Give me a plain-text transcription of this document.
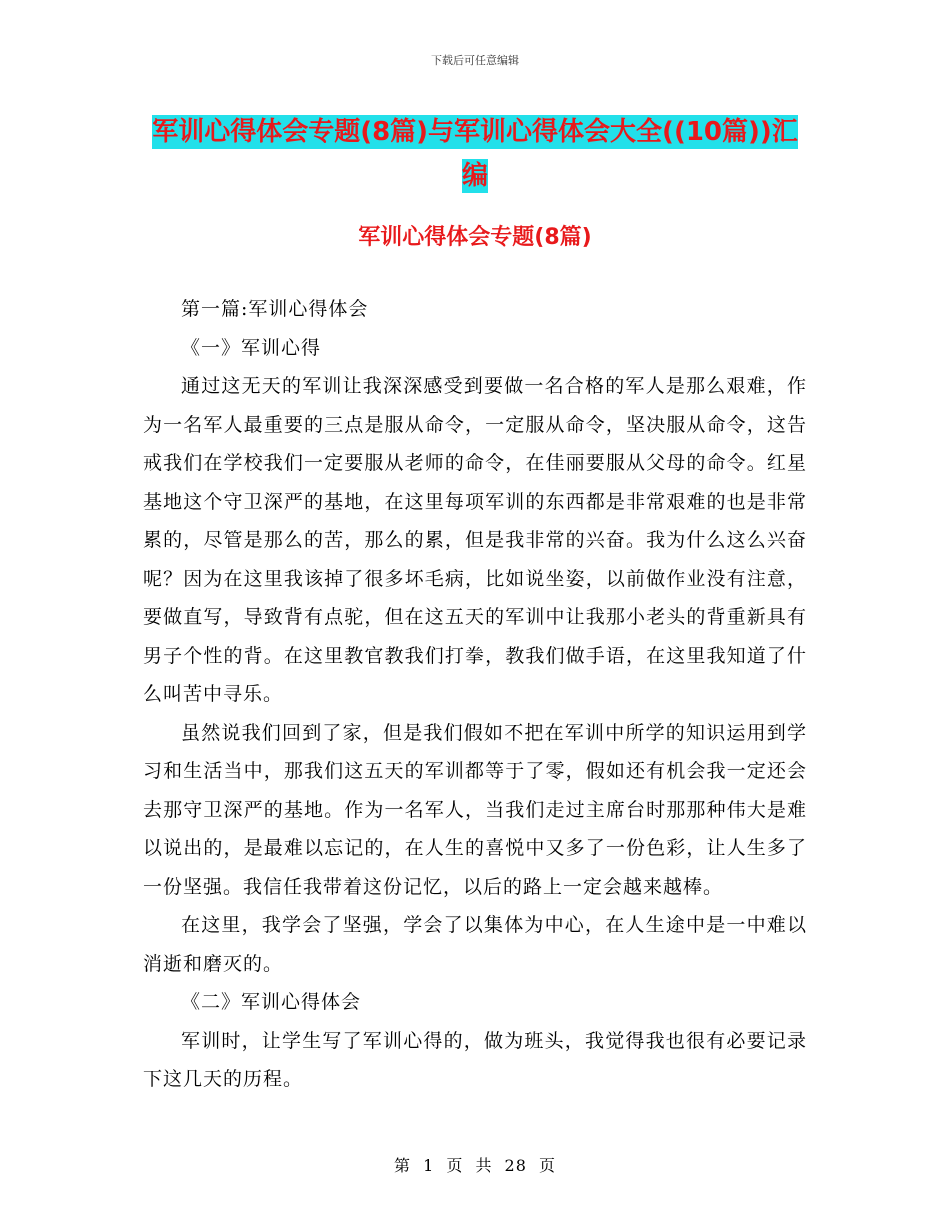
下载后可任意编辑
军训心得体会专题(8篇)与军训心得体会大全((10篇))汇编
军训心得体会专题(8篇)

第一篇:军训心得体会

《一》军训心得

通过这无天的军训让我深深感受到要做一名合格的军人是那么艰难，作为一名军人最重要的三点是服从命令，一定服从命令，坚决服从命令，这告戒我们在学校我们一定要服从老师的命令，在佳丽要服从父母的命令。红星基地这个守卫深严的基地，在这里每项军训的东西都是非常艰难的也是非常累的，尽管是那么的苦，那么的累，但是我非常的兴奋。我为什么这么兴奋呢？因为在这里我该掉了很多坏毛病，比如说坐姿，以前做作业没有注意，要做直写，导致背有点驼，但在这五天的军训中让我那小老头的背重新具有男子个性的背。在这里教官教我们打拳，教我们做手语，在这里我知道了什么叫苦中寻乐。

虽然说我们回到了家，但是我们假如不把在军训中所学的知识运用到学习和生活当中，那我们这五天的军训都等于了零，假如还有机会我一定还会去那守卫深严的基地。作为一名军人，当我们走过主席台时那那种伟大是难以说出的，是最难以忘记的，在人生的喜悦中又多了一份色彩，让人生多了一份坚强。我信任我带着这份记忆，以后的路上一定会越来越棒。

在这里，我学会了坚强，学会了以集体为中心，在人生途中是一中难以消逝和磨灭的。

《二》军训心得体会

军训时，让学生写了军训心得的，做为班头，我觉得我也很有必要记录下这几天的历程。

第 1 页 共 28 页
